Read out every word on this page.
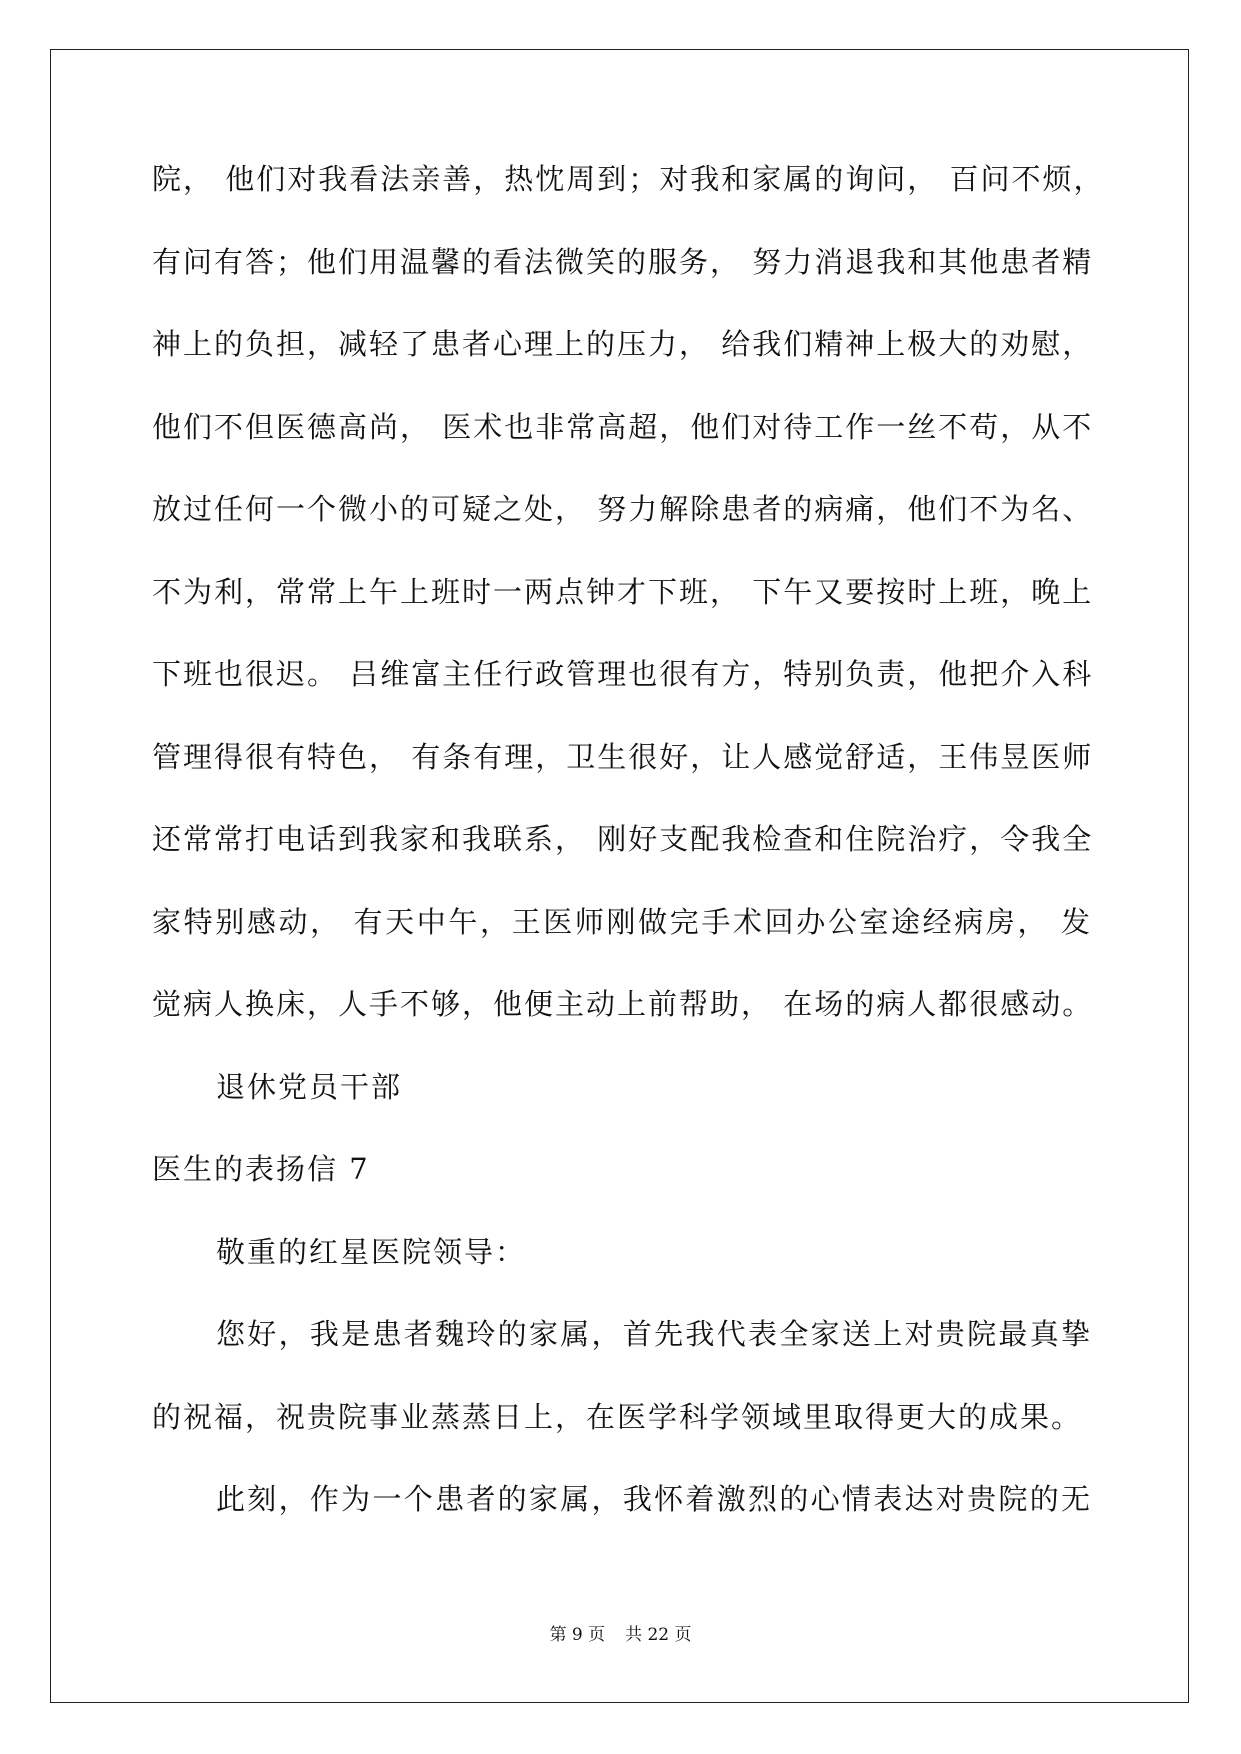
院， 他们对我看法亲善，热忱周到；对我和家属的询问， 百问不烦，
有问有答；他们用温馨的看法微笑的服务， 努力消退我和其他患者精
神上的负担，减轻了患者心理上的压力， 给我们精神上极大的劝慰，
他们不但医德高尚， 医术也非常高超，他们对待工作一丝不苟，从不
放过任何一个微小的可疑之处， 努力解除患者的病痛，他们不为名、
不为利，常常上午上班时一两点钟才下班， 下午又要按时上班，晚上
下班也很迟。 吕维富主任行政管理也很有方，特别负责，他把介入科
管理得很有特色， 有条有理，卫生很好，让人感觉舒适，王伟昱医师
还常常打电话到我家和我联系， 刚好支配我检查和住院治疗，令我全
家特别感动， 有天中午，王医师刚做完手术回办公室途经病房， 发
觉病人换床，人手不够，他便主动上前帮助， 在场的病人都很感动。
退休党员干部
医生的表扬信 7
敬重的红星医院领导：
您好，我是患者魏玲的家属，首先我代表全家送上对贵院最真挚
的祝福，祝贵院事业蒸蒸日上，在医学科学领域里取得更大的成果。
此刻，作为一个患者的家属，我怀着激烈的心情表达对贵院的无
第 9 页 共 22 页
